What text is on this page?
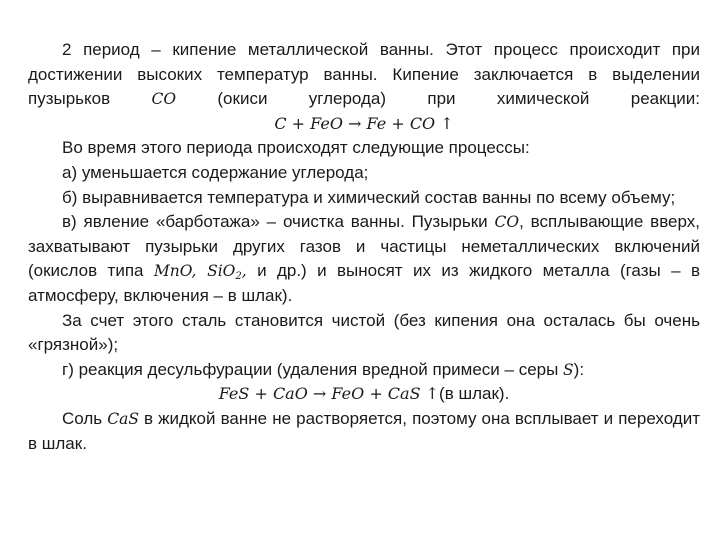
2 период – кипение металлической ванны. Этот процесс происходит при достижении высоких температур ванны. Кипение заключается в выделении пузырьков CO (окиси углерода) при химической реакции:

C + FeO → Fe + CO ↑

Во время этого периода происходят следующие процессы:

а) уменьшается содержание углерода;

б) выравнивается температура и химический состав ванны по всему объему;

в) явление «барботажа» – очистка ванны. Пузырьки CO, всплывающие вверх, захватывают пузырьки других газов и частицы неметаллических включений (окислов типа MnO, SiO$_2$, и др.) и выносят их из жидкого металла (газы – в атмосферу, включения – в шлак).

За счет этого сталь становится чистой (без кипения она осталась бы очень «грязной»);

г) реакция десульфурации (удаления вредной примеси – серы S):

FeS + CaO → FeO + CaS ↑(в шлак).

Соль CaS в жидкой ванне не растворяется, поэтому она всплывает и переходит в шлак.
